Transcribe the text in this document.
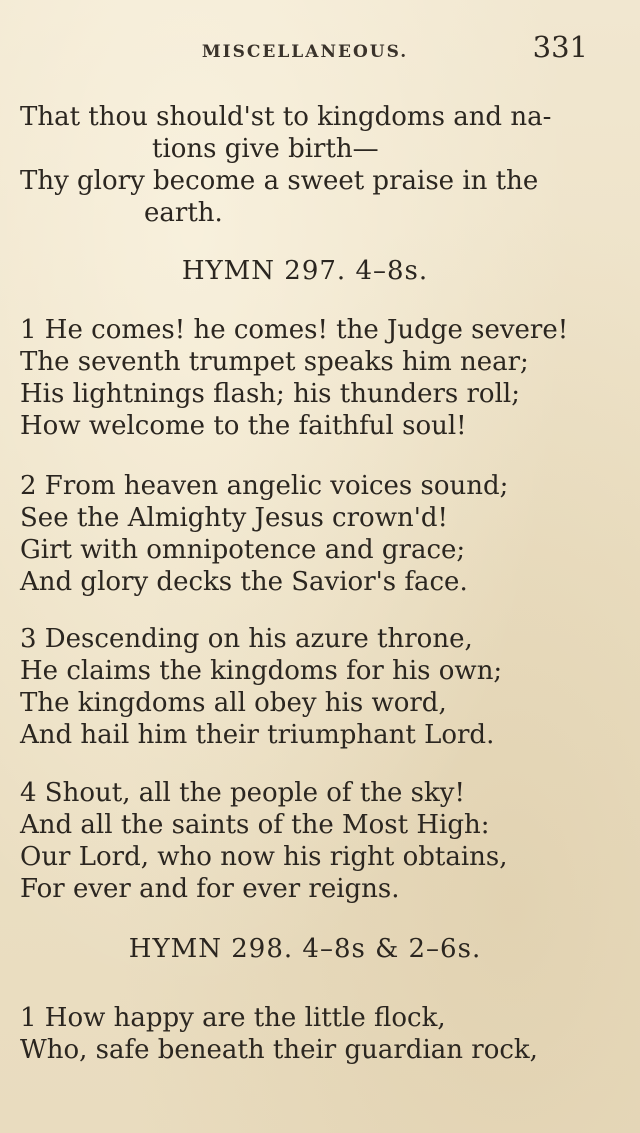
MISCELLANEOUS.	331
That thou should'st to kingdoms and na-
tions give birth—
Thy glory become a sweet praise in the
earth.
HYMN 297. 4–8s.
1 He comes! he comes! the Judge severe!
The seventh trumpet speaks him near;
His lightnings flash; his thunders roll;
How welcome to the faithful soul!
2 From heaven angelic voices sound;
See the Almighty Jesus crown'd!
Girt with omnipotence and grace;
And glory decks the Savior's face.
3 Descending on his azure throne,
He claims the kingdoms for his own;
The kingdoms all obey his word,
And hail him their triumphant Lord.
4 Shout, all the people of the sky!
And all the saints of the Most High:
Our Lord, who now his right obtains,
For ever and for ever reigns.
HYMN 298. 4–8s & 2–6s.
1 How happy are the little flock,
Who, safe beneath their guardian rock,
